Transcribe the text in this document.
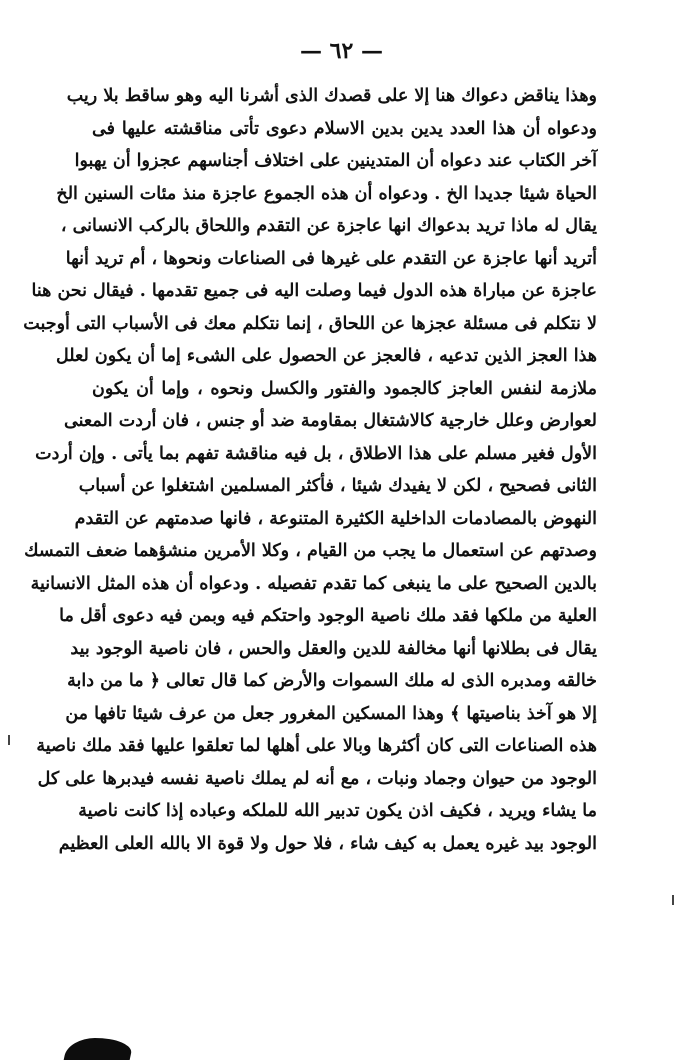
— ٦٢ —
وهذا يناقض دعواك هنا إلا على قصدك الذى أشرنا اليه وهو ساقط بلا ريب
ودعواه أن هذا العدد يدين بدين الاسلام دعوى تأتى مناقشته عليها فى
آخر الكتاب عند دعواه أن المتدينين على اختلاف أجناسهم عجزوا أن يهبوا
الحياة شيئا جديدا الخ . ودعواه أن هذه الجموع عاجزة منذ مئات السنين الخ
يقال له ماذا تريد بدعواك انها عاجزة عن التقدم واللحاق بالركب الانسانى ،
أتريد أنها عاجزة عن التقدم على غيرها فى الصناعات ونحوها ، أم تريد أنها
عاجزة عن مباراة هذه الدول فيما وصلت اليه فى جميع تقدمها . فيقال نحن هنا
لا نتكلم فى مسئلة عجزها عن اللحاق ، إنما نتكلم معك فى الأسباب التى أوجبت
هذا العجز الذين تدعيه ، فالعجز عن الحصول على الشىء إما أن يكون لعلل
ملازمة لنفس العاجز كالجمود والفتور والكسل ونحوه ، وإما أن يكون
لعوارض وعلل خارجية كالاشتغال بمقاومة ضد أو جنس ، فان أردت المعنى
الأول فغير مسلم على هذا الاطلاق ، بل فيه مناقشة تفهم بما يأتى . وإن أردت
الثانى فصحيح ، لكن لا يفيدك شيئا ، فأكثر المسلمين اشتغلوا عن أسباب
النهوض بالمصادمات الداخلية الكثيرة المتنوعة ، فانها صدمتهم عن التقدم
وصدتهم عن استعمال ما يجب من القيام ، وكلا الأمرين منشؤهما ضعف التمسك
بالدين الصحيح على ما ينبغى كما تقدم تفصيله . ودعواه أن هذه المثل الانسانية
العلية من ملكها فقد ملك ناصية الوجود واحتكم فيه وبمن فيه دعوى أقل ما
يقال فى بطلانها أنها مخالفة للدين والعقل والحس ، فان ناصية الوجود بيد
خالقه ومدبره الذى له ملك السموات والأرض كما قال تعالى ﴿ ما من دابة
إلا هو آخذ بناصيتها ﴾ وهذا المسكين المغرور جعل من عرف شيئا تافها من
هذه الصناعات التى كان أكثرها وبالا على أهلها لما تعلقوا عليها فقد ملك ناصية
الوجود من حيوان وجماد ونبات ، مع أنه لم يملك ناصية نفسه فيدبرها على كل
ما يشاء ويريد ، فكيف اذن يكون تدبير الله للملكه وعباده إذا كانت ناصية
الوجود بيد غيره يعمل به كيف شاء ، فلا حول ولا قوة الا بالله العلى العظيم
